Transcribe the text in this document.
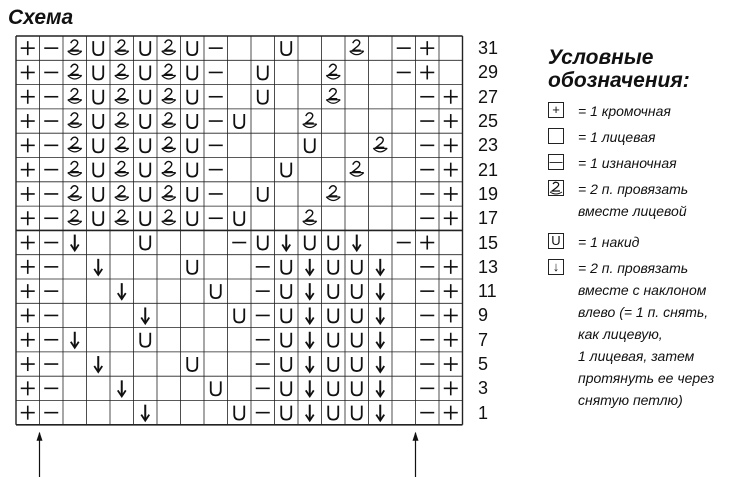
Схема
31
29
27
25
23
21
19
17
15
13
11
9
7
5
3
1
Условные
обозначения:
+	= 1 кромочная
= 1 лицевая
— = 1 изнаночная
= 2 п. провязать
вместе лицевой
U = 1 накид
↓	= 2 п. провязать
вместе с наклоном
влево (= 1 п. снять,
как лицевую,
1 лицевая, затем
протянуть ее через
снятую петлю)
